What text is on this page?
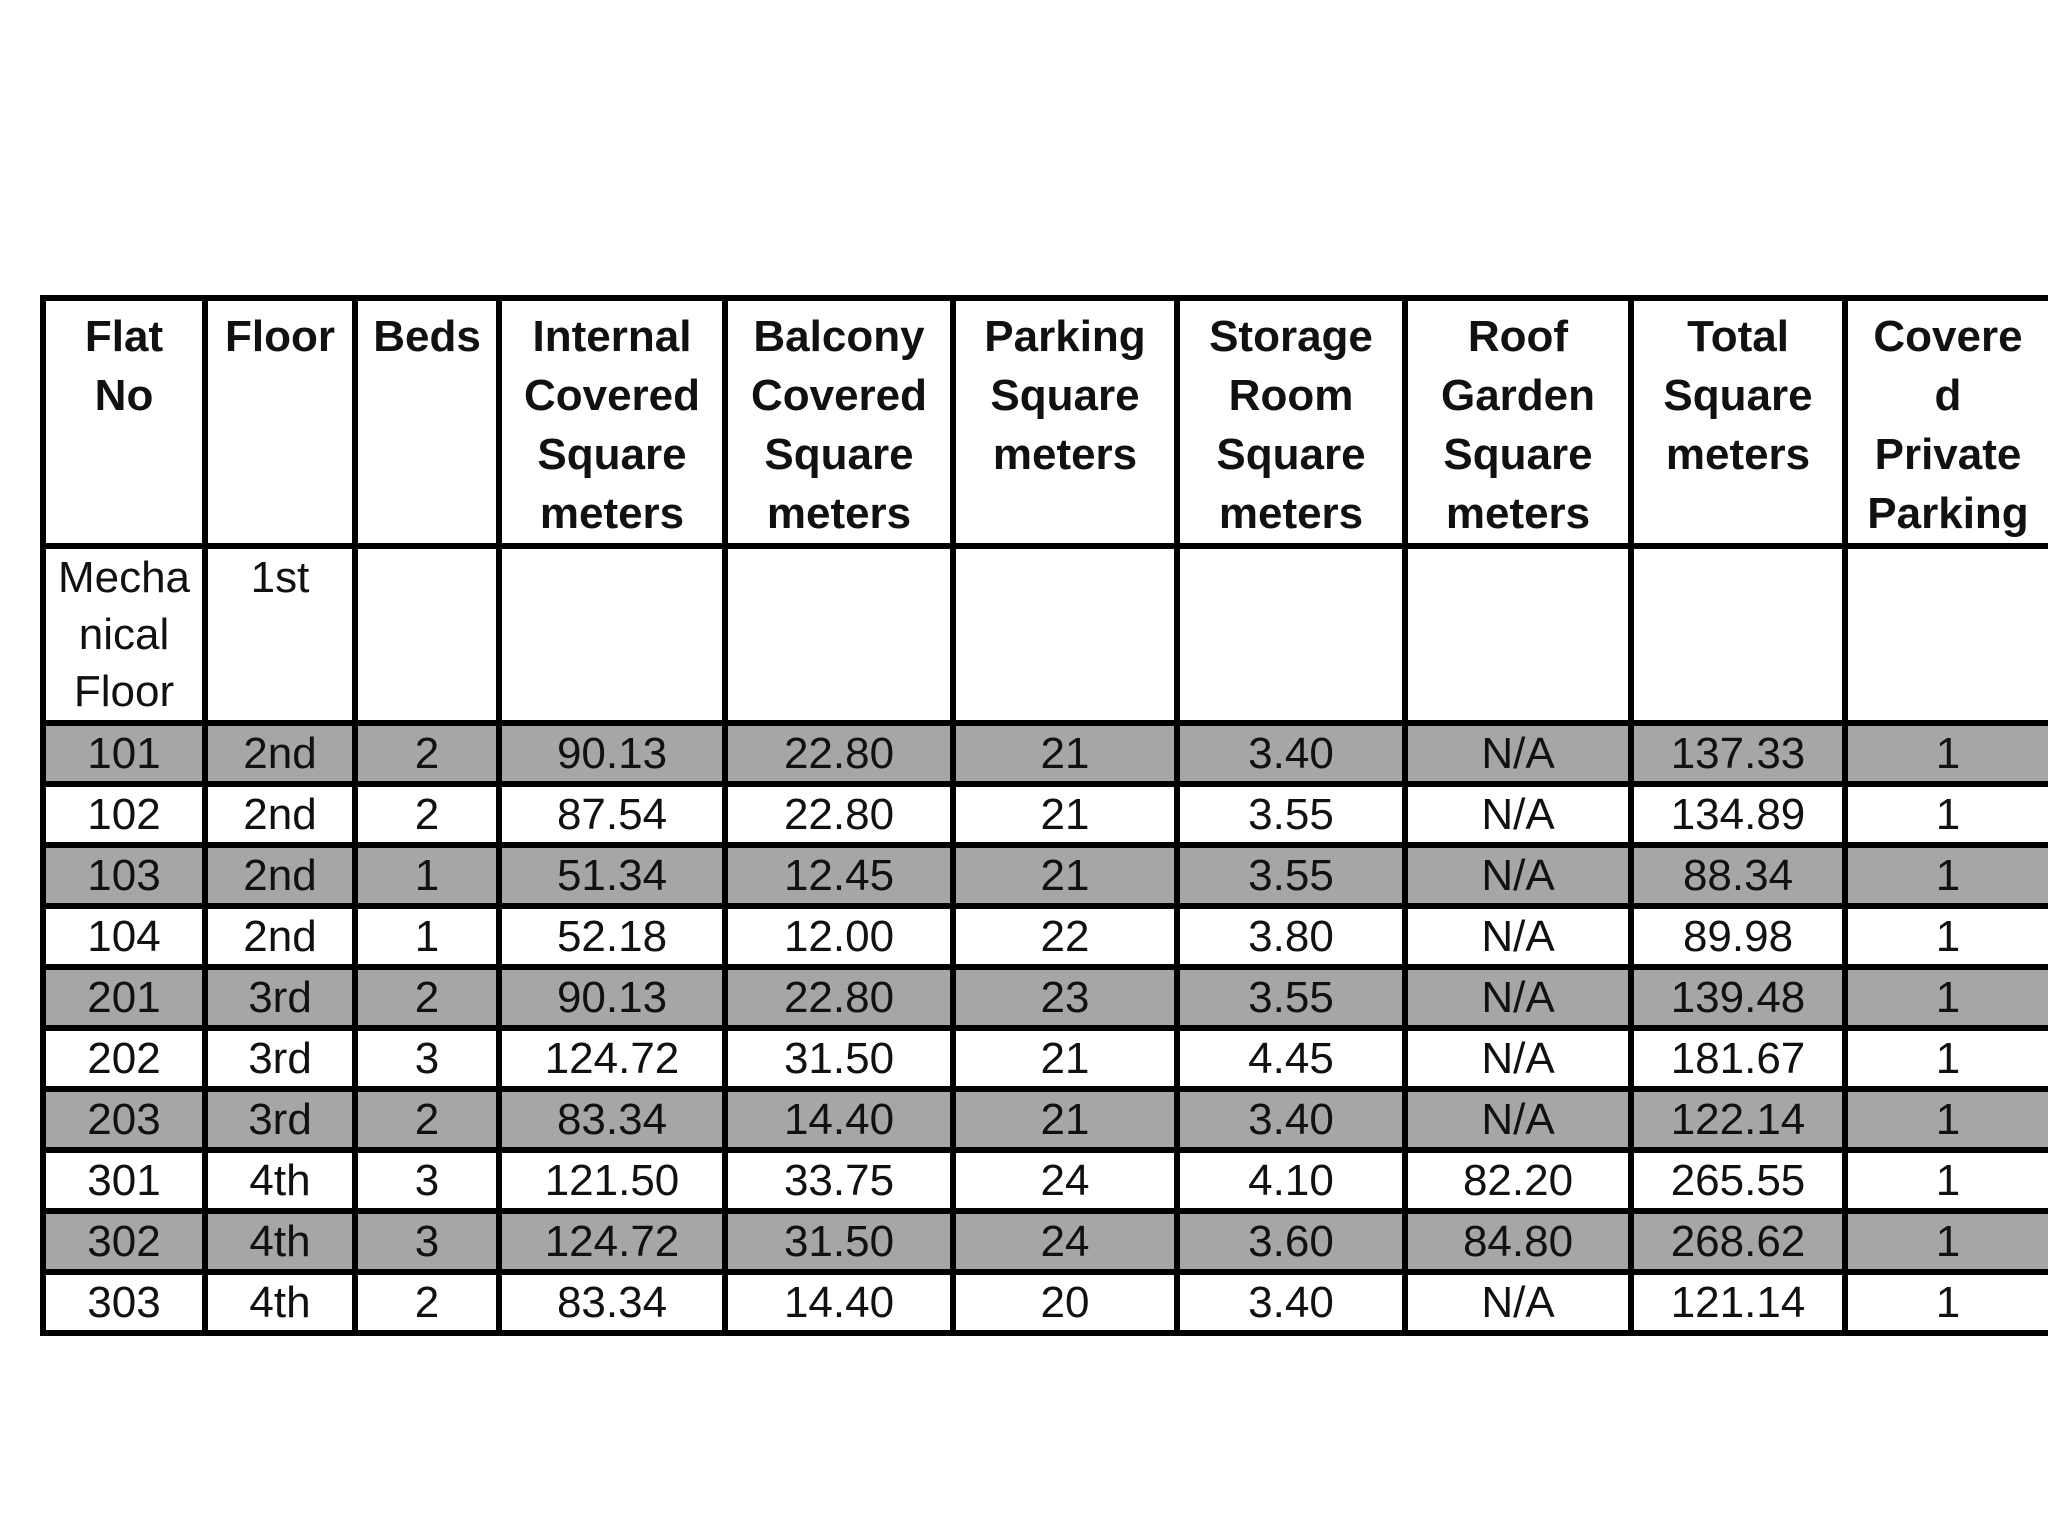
Flat
No	Floor	Beds	Internal
Covered
Square
meters	Balcony
Covered
Square
meters	Parking
Square
meters	Storage
Room
Square
meters	Roof
Garden
Square
meters	Total
Square
meters	Covere
d
Private
Parking

Mecha
nical
Floor	1st								
101	2nd	2	90.13	22.80	21	3.40	N/A	137.33	1
102	2nd	2	87.54	22.80	21	3.55	N/A	134.89	1
103	2nd	1	51.34	12.45	21	3.55	N/A	88.34	1
104	2nd	1	52.18	12.00	22	3.80	N/A	89.98	1
201	3rd	2	90.13	22.80	23	3.55	N/A	139.48	1
202	3rd	3	124.72	31.50	21	4.45	N/A	181.67	1
203	3rd	2	83.34	14.40	21	3.40	N/A	122.14	1
301	4th	3	121.50	33.75	24	4.10	82.20	265.55	1
302	4th	3	124.72	31.50	24	3.60	84.80	268.62	1
303	4th	2	83.34	14.40	20	3.40	N/A	121.14	1
